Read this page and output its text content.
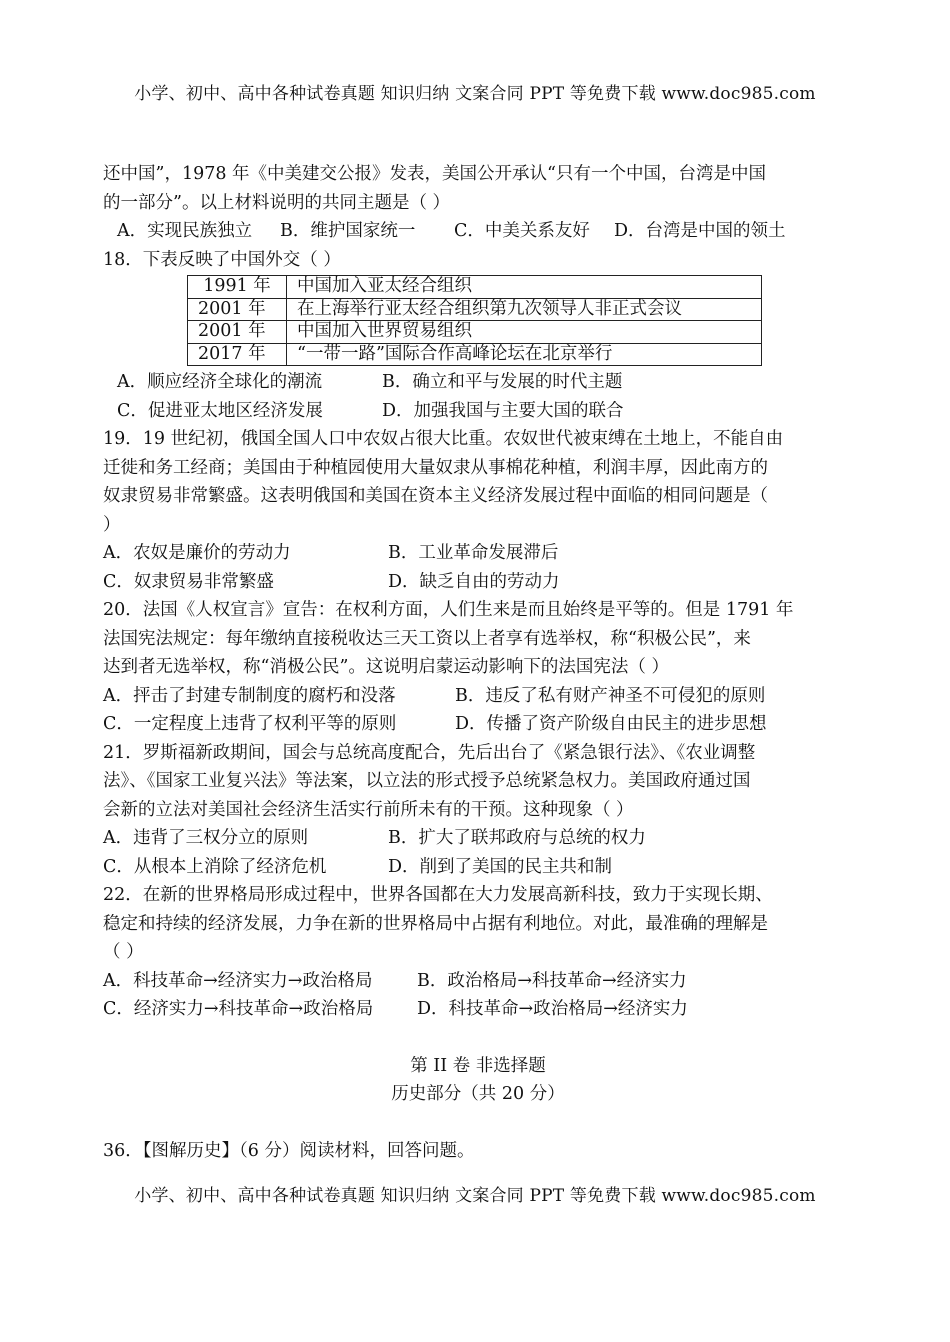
小学、初中、高中各种试卷真题 知识归纳 文案合同 PPT 等免费下载 www.doc985.com

还中国”，1978 年《中美建交公报》发表，美国公开承认“只有一个中国，台湾是中国

的一部分”。以上材料说明的共同主题是（ ）

A．实现民族独立	B．维护国家统一	C．中美关系友好	D．台湾是中国的领土

18．下表反映了中国外交（ ）

1991 年	中国加入亚太经合组织
2001 年	在上海举行亚太经合组织第九次领导人非正式会议
2001 年	中国加入世界贸易组织
2017 年	“一带一路”国际合作高峰论坛在北京举行
A．顺应经济全球化的潮流	B．确立和平与发展的时代主题
C．促进亚太地区经济发展	D．加强我国与主要大国的联合

19．19 世纪初，俄国全国人口中农奴占很大比重。农奴世代被束缚在土地上，不能自由

迁徙和务工经商；美国由于种植园使用大量奴隶从事棉花种植，利润丰厚，因此南方的

奴隶贸易非常繁盛。这表明俄国和美国在资本主义经济发展过程中面临的相同问题是（

）

A．农奴是廉价的劳动力	B．工业革命发展滞后
C．奴隶贸易非常繁盛	D．缺乏自由的劳动力

20．法国《人权宣言》宣告：在权利方面，人们生来是而且始终是平等的。但是 1791 年

法国宪法规定：每年缴纳直接税收达三天工资以上者享有选举权，称“积极公民”，来

达到者无选举权，称“消极公民”。这说明启蒙运动影响下的法国宪法（ ）

A．抨击了封建专制制度的腐朽和没落	B．违反了私有财产神圣不可侵犯的原则
C．一定程度上违背了权利平等的原则	D．传播了资产阶级自由民主的进步思想

21．罗斯福新政期间，国会与总统高度配合，先后出台了《紧急银行法》、《农业调整

法》、《国家工业复兴法》等法案，以立法的形式授予总统紧急权力。美国政府通过国

会新的立法对美国社会经济生活实行前所未有的干预。这种现象（ ）

A．违背了三权分立的原则	B．扩大了联邦政府与总统的权力
C．从根本上消除了经济危机	D．削到了美国的民主共和制

22．在新的世界格局形成过程中，世界各国都在大力发展高新科技，致力于实现长期、

稳定和持续的经济发展，力争在新的世界格局中占据有利地位。对此，最准确的理解是

（ ）

A．科技革命→经济实力→政治格局	B．政治格局→科技革命→经济实力
C．经济实力→科技革命→政治格局	D．科技革命→政治格局→经济实力
第 II 卷 非选择题
历史部分（共 20 分）

36．【图解历史】（6 分）阅读材料，回答问题。

小学、初中、高中各种试卷真题 知识归纳 文案合同 PPT 等免费下载 www.doc985.com
